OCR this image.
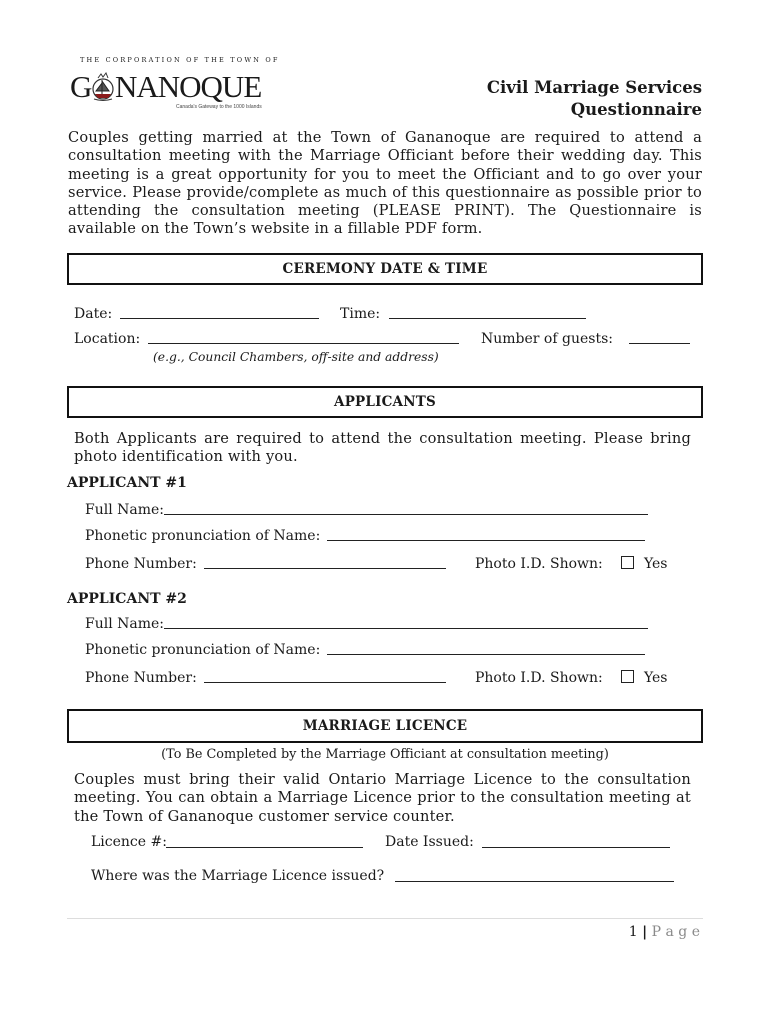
THE CORPORATION OF THE TOWN OF
G NANOQUE
Canada's Gateway to the 1000 Islands
Civil Marriage Services
Questionnaire
Couples getting married at the Town of Gananoque are required to attend a consultation meeting with the Marriage Officiant before their wedding day. This meeting is a great opportunity for you to meet the Officiant and to go over your service. Please provide/complete as much of this questionnaire as possible prior to attending the consultation meeting (PLEASE PRINT). The Questionnaire is available on the Town’s website in a fillable PDF form.
CEREMONY DATE & TIME
Date:	Time:
Location:	Number of guests:
(e.g., Council Chambers, off-site and address)
APPLICANTS
Both Applicants are required to attend the consultation meeting. Please bring photo identification with you.
APPLICANT #1
Full Name:
Phonetic pronunciation of Name:
Phone Number:	Photo I.D. Shown:	Yes
APPLICANT #2
Full Name:
Phonetic pronunciation of Name:
Phone Number:	Photo I.D. Shown:	Yes
MARRIAGE LICENCE
(To Be Completed by the Marriage Officiant at consultation meeting)
Couples must bring their valid Ontario Marriage Licence to the consultation meeting. You can obtain a Marriage Licence prior to the consultation meeting at the Town of Gananoque customer service counter.
Licence #:	Date Issued:
Where was the Marriage Licence issued?
1 | P a g e
